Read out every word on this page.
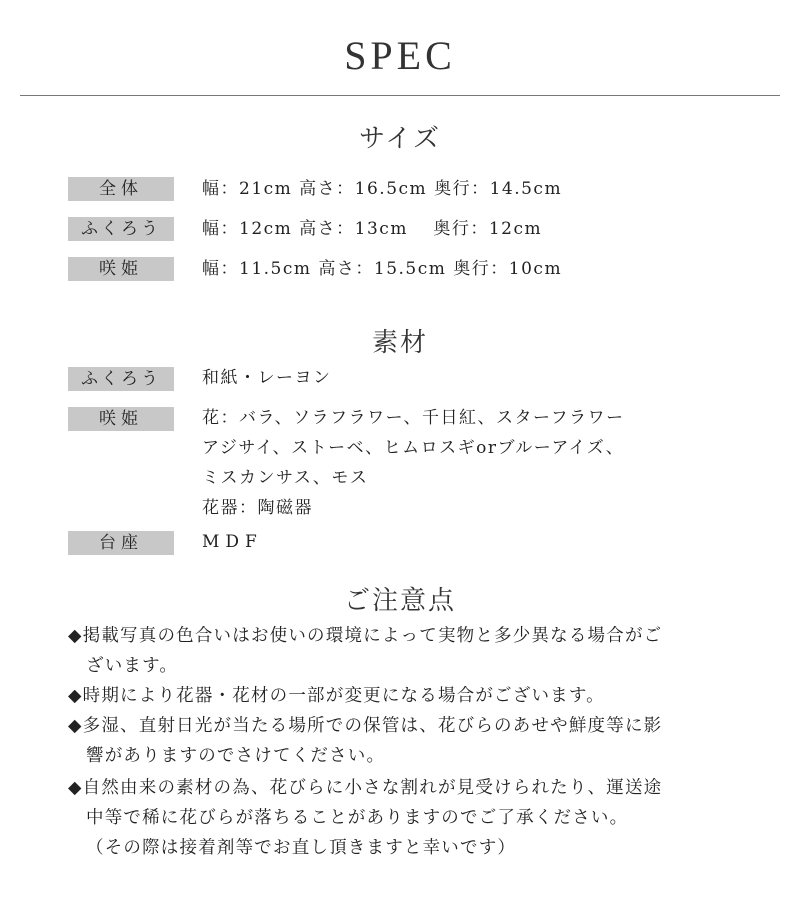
SPEC
サイズ
全体	幅：21cm 高さ：16.5cm 奥行：14.5cm
ふくろう	幅：12cm 高さ：13cm　 奥行：12cm
咲姫	幅：11.5cm 高さ：15.5cm 奥行：10cm
素材
ふくろう	和紙・レーヨン
咲姫	花：バラ、ソラフラワー、千日紅、スターフラワー
アジサイ、ストーベ、ヒムロスギorブルーアイズ、
ミスカンサス、モス
花器：陶磁器
台座	MDF
ご注意点
◆掲載写真の色合いはお使いの環境によって実物と多少異なる場合がご
ざいます。
◆時期により花器・花材の一部が変更になる場合がございます。
◆多湿、直射日光が当たる場所での保管は、花びらのあせや鮮度等に影
響がありますのでさけてください。
◆自然由来の素材の為、花びらに小さな割れが見受けられたり、運送途
中等で稀に花びらが落ちることがありますのでご了承ください。
（その際は接着剤等でお直し頂きますと幸いです）
